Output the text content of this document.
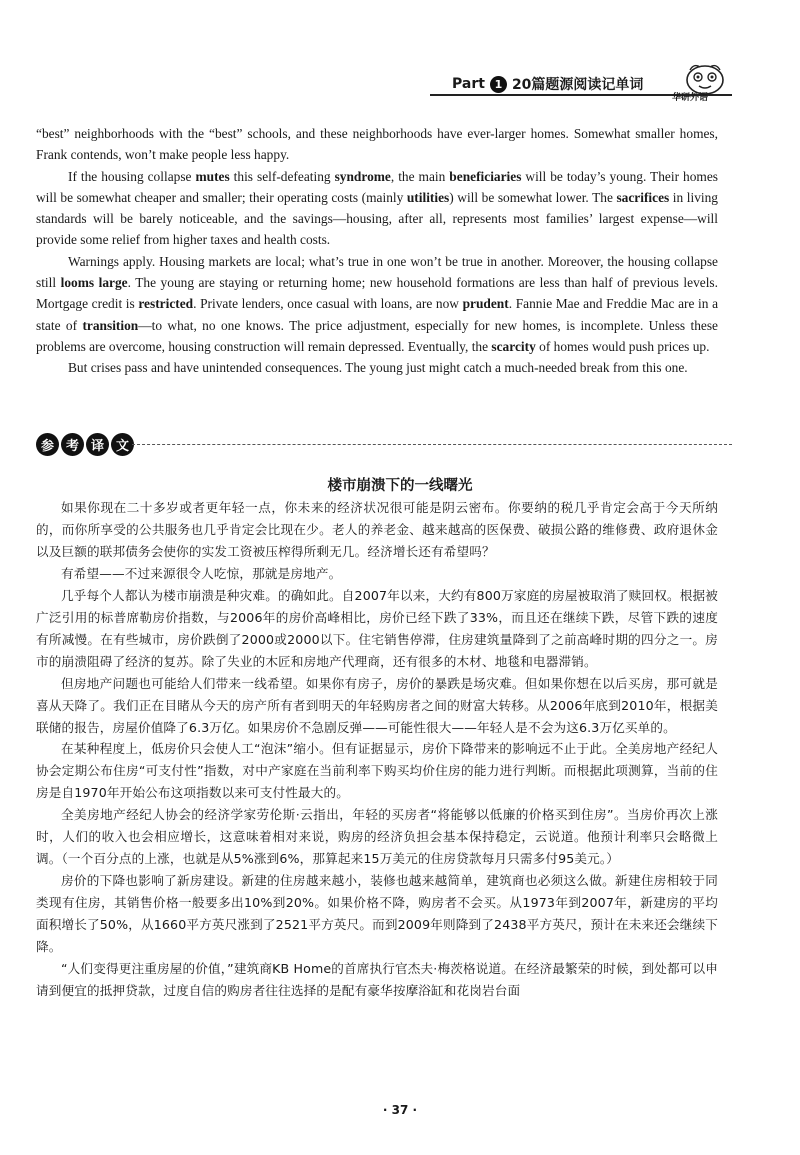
Part 1 20篇题源阅读记单词
华研外语

“best” neighborhoods with the “best” schools, and these neighborhoods have ever-larger homes. Somewhat smaller homes, Frank contends, won’t make people less happy.

If the housing collapse mutes this self-defeating syndrome, the main beneficiaries will be today’s young. Their homes will be somewhat cheaper and smaller; their operating costs (mainly utilities) will be somewhat lower. The sacrifices in living standards will be barely noticeable, and the savings—housing, after all, represents most families’ largest expense—will provide some relief from higher taxes and health costs.

Warnings apply. Housing markets are local; what’s true in one won’t be true in another. Moreover, the housing collapse still looms large. The young are staying or returning home; new household formations are less than half of previous levels. Mortgage credit is restricted. Private lenders, once casual with loans, are now prudent. Fannie Mae and Freddie Mac are in a state of transition—to what, no one knows. The price adjustment, especially for new homes, is incomplete. Unless these problems are overcome, housing construction will remain depressed. Eventually, the scarcity of homes would push prices up.

But crises pass and have unintended consequences. The young just might catch a much-needed break from this one.

参 考 译 文
楼市崩溃下的一线曙光

如果你现在二十多岁或者更年轻一点，你未来的经济状况很可能是阴云密布。你要纳的税几乎肯定会高于今天所纳的，而你所享受的公共服务也几乎肯定会比现在少。老人的养老金、越来越高的医保费、破损公路的维修费、政府退休金以及巨额的联邦债务会使你的实发工资被压榨得所剩无几。经济增长还有希望吗？

有希望——不过来源很令人吃惊，那就是房地产。

几乎每个人都认为楼市崩溃是种灾难。的确如此。自2007年以来，大约有800万家庭的房屋被取消了赎回权。根据被广泛引用的标普席勒房价指数，与2006年的房价高峰相比，房价已经下跌了33%，而且还在继续下跌，尽管下跌的速度有所减慢。在有些城市，房价跌倒了2000或2000以下。住宅销售停滞，住房建筑量降到了之前高峰时期的四分之一。房市的崩溃阻碍了经济的复苏。除了失业的木匠和房地产代理商，还有很多的木材、地毯和电器滞销。

但房地产问题也可能给人们带来一线希望。如果你有房子，房价的暴跌是场灾难。但如果你想在以后买房，那可就是喜从天降了。我们正在目睹从今天的房产所有者到明天的年轻购房者之间的财富大转移。从2006年底到2010年，根据美联储的报告，房屋价值降了6.3万亿。如果房价不急剧反弹——可能性很大——年轻人是不会为这6.3万亿买单的。

在某种程度上，低房价只会使人工“泡沫”缩小。但有证据显示，房价下降带来的影响远不止于此。全美房地产经纪人协会定期公布住房“可支付性”指数，对中产家庭在当前利率下购买均价住房的能力进行判断。而根据此项测算，当前的住房是自1970年开始公布这项指数以来可支付性最大的。

全美房地产经纪人协会的经济学家劳伦斯·云指出，年轻的买房者“将能够以低廉的价格买到住房”。当房价再次上涨时，人们的收入也会相应增长，这意味着相对来说，购房的经济负担会基本保持稳定，云说道。他预计利率只会略微上调。（一个百分点的上涨，也就是从5%涨到6%，那算起来15万美元的住房贷款每月只需多付95美元。）

房价的下降也影响了新房建设。新建的住房越来越小，装修也越来越简单，建筑商也必须这么做。新建住房相较于同类现有住房，其销售价格一般要多出10%到20%。如果价格不降，购房者不会买。从1973年到2007年，新建房的平均面积增长了50%，从1660平方英尺涨到了2521平方英尺。而到2009年则降到了2438平方英尺，预计在未来还会继续下降。

“人们变得更注重房屋的价值，”建筑商KB Home的首席执行官杰夫·梅茨格说道。在经济最繁荣的时候，到处都可以申请到便宜的抵押贷款，过度自信的购房者往往选择的是配有豪华按摩浴缸和花岗岩台面

· 37 ·
